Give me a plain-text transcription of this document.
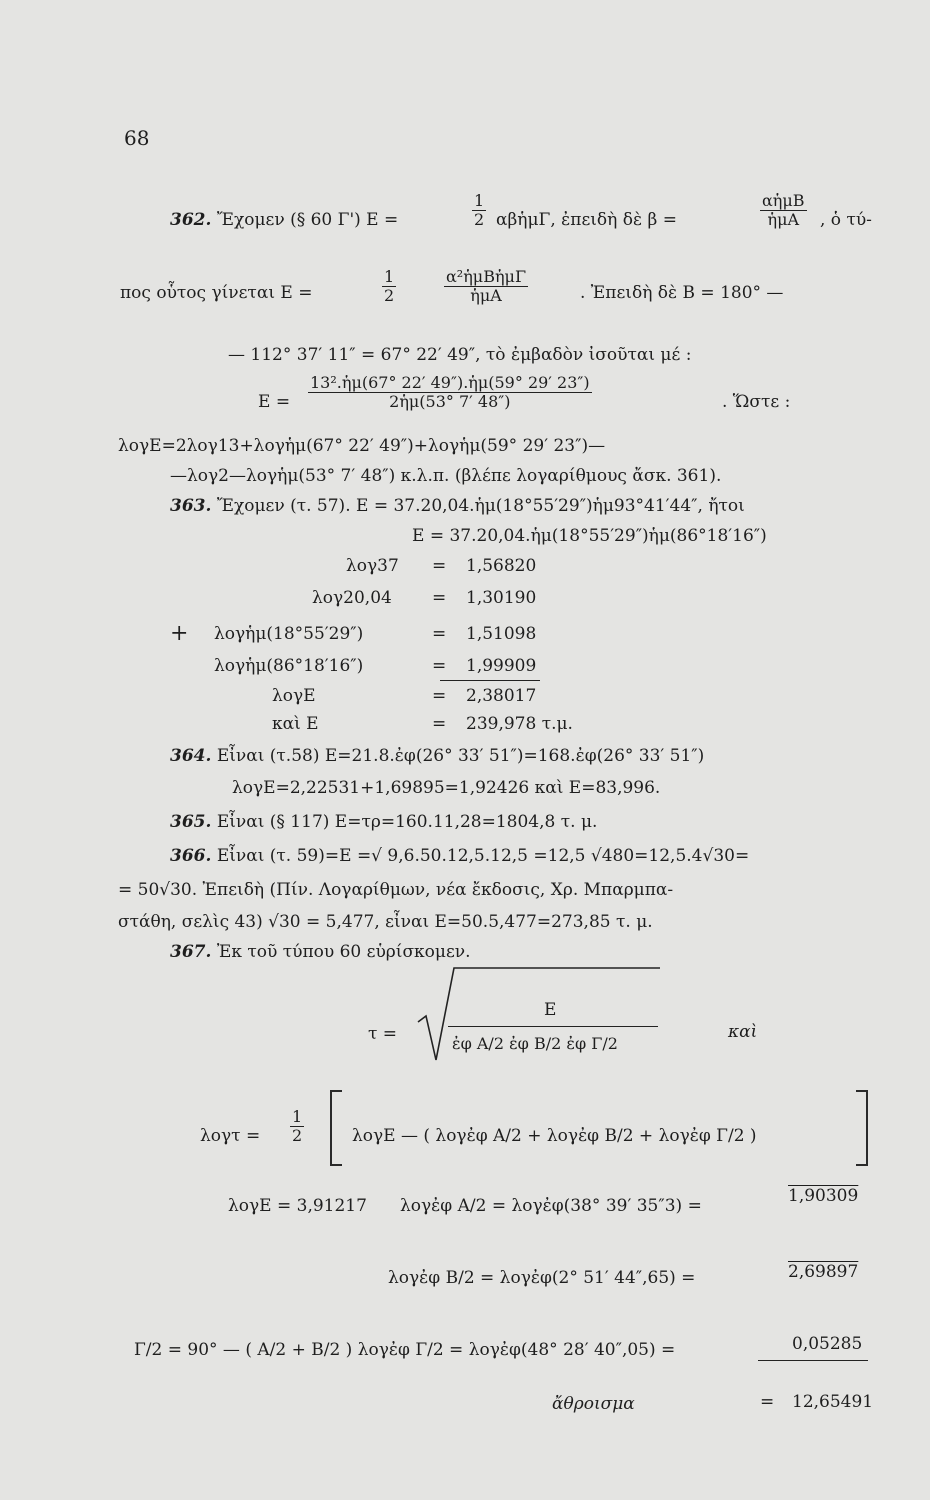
68
362. Ἔχομεν (§ 60 Γ') Ε =	$\frac{1}{2}$ αβἡμΓ, ἐπειδὴ δὲ β =
αἡμΒ
ἡμΑ	, ὁ τύ-
πος οὗτος γίνεται Ε =	$\frac{1}{2}$	α²ἡμΒἡμΓ
ἡμΑ	. Ἐπειδὴ δὲ Β = 180° —
— 112° 37′ 11″ = 67° 22′ 49″, τὸ ἐμβαδὸν ἰσοῦται μέ :
$E = \frac{\text{13².ἡμ(67° 22′ 49″).ἡμ(59° 29′ 23″)}}{\text{2ἡμ(53° 7′ 48″)}}$	. Ὥστε :
λογΕ=2λογ13+λογἡμ(67° 22′ 49″)+λογἡμ(59° 29′ 23″)—
—λογ2—λογἡμ(53° 7′ 48″) κ.λ.π. (βλέπε λογαρίθμους ἄσκ. 361).
363. Ἔχομεν (τ. 57). Ε = 37.20,04.ἡμ(18°55′29″)ἡμ93°41′44″, ἤτοι
Ε = 37.20,04.ἡμ(18°55′29″)ἡμ(86°18′16″)
+
λογ37 = 1,56820
λογ20,04 = 1,30190
λογἡμ(18°55′29″)	= 1,51098
λογἡμ(86°18′16″)	= 1,99909
λογΕ	= 2,38017
καὶ Ε	= 239,978 τ.μ.
364. Εἶναι (τ.58) Ε=21.8.ἐφ(26° 33′ 51″)=168.ἐφ(26° 33′ 51″)
λογΕ=2,22531+1,69895=1,92426 καὶ Ε=83,996.
365. Εἶναι (§ 117) Ε=τρ=160.11,28=1804,8 τ. μ.
366. Εἶναι (τ. 59)=Ε =√ 9,6.50.12,5.12,5 =12,5 √480=12,5.4√30=
= 50√30. Ἐπειδὴ (Πίν. Λογαρίθμων, νέα ἔκδοσις, Χρ. Μπαρμπα-
στάθη, σελὶς 43) √30 = 5,477, εἶναι Ε=50.5,477=273,85 τ. μ.
367. Ἐκ τοῦ τύπου 60 εὑρίσκομεν.
τ =
Ε
ἐφ A/2 ἐφ B/2 ἐφ Γ/2
καὶ
$\lambda o\gamma\tau = \frac{1}{2}$	λογΕ — ( λογἐφ A/2 + λογἐφ B/2 + λογἐφ Γ/2 )
λογΕ = 3,91217 λογἐφ A/2 = λογἐφ(38° 39′ 35″3) =	1,90309
λογἐφ B/2 = λογἐφ(2° 51′ 44″,65) =	2,69897
Γ/2 = 90° — ( A/2 + B/2 ) λογἐφ Γ/2 = λογἐφ(48° 28′ 40″,05) =	0,05285
ἄθροισμα	= 12,65491
